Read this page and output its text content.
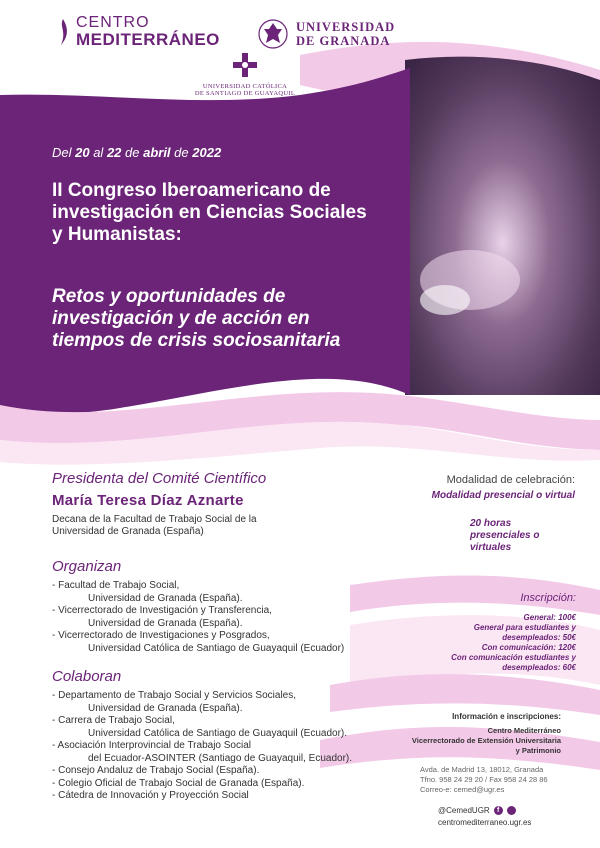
CENTRO
MEDITERRÁNEO
UNIVERSIDAD
DE GRANADA
UNIVERSIDAD CATÓLICA
DE SANTIAGO DE GUAYAQUIL
Del 20 al 22 de abril de 2022
II Congreso Iberoamericano de
investigación en Ciencias Sociales
y Humanistas:
Retos y oportunidades de
investigación y de acción en
tiempos de crisis sociosanitaria
Presidenta del Comité Científico
María Teresa Díaz Aznarte
Decana de la Facultad de Trabajo Social de la
Universidad de Granada (España)
Organizan
- Facultad de Trabajo Social,
Universidad de Granada (España).
- Vicerrectorado de Investigación y Transferencia,
Universidad de Granada (España).
- Vicerrectorado de Investigaciones y Posgrados,
Universidad Católica de Santiago de Guayaquil (Ecuador)
Colaboran
- Departamento de Trabajo Social y Servicios Sociales,
Universidad de Granada (España).
- Carrera de Trabajo Social,
Universidad Católica de Santiago de Guayaquil (Ecuador).
- Asociación Interprovincial de Trabajo Social
del Ecuador-ASOINTER (Santiago de Guayaquil, Ecuador).
- Consejo Andaluz de Trabajo Social (España).
- Colegio Oficial de Trabajo Social de Granada (España).
- Cátedra de Innovación y Proyección Social
Modalidad de celebración:
Modalidad presencial o virtual
20 horas
presenciales o
virtuales
Inscripción:
General: 100€
General para estudiantes y
desempleados: 50€
Con comunicación: 120€
Con comunicación estudiantes y
desempleados: 60€
Información e inscripciones:
Centro Mediterráneo
Vicerrectorado de Extensión Universitaria
y Patrimonio
Avda. de Madrid 13, 18012, Granada
Tfno. 958 24 29 20 / Fax 958 24 28 86
Correo-e: cemed@ugr.es
@CemedUGR	f
centromediterraneo.ugr.es
